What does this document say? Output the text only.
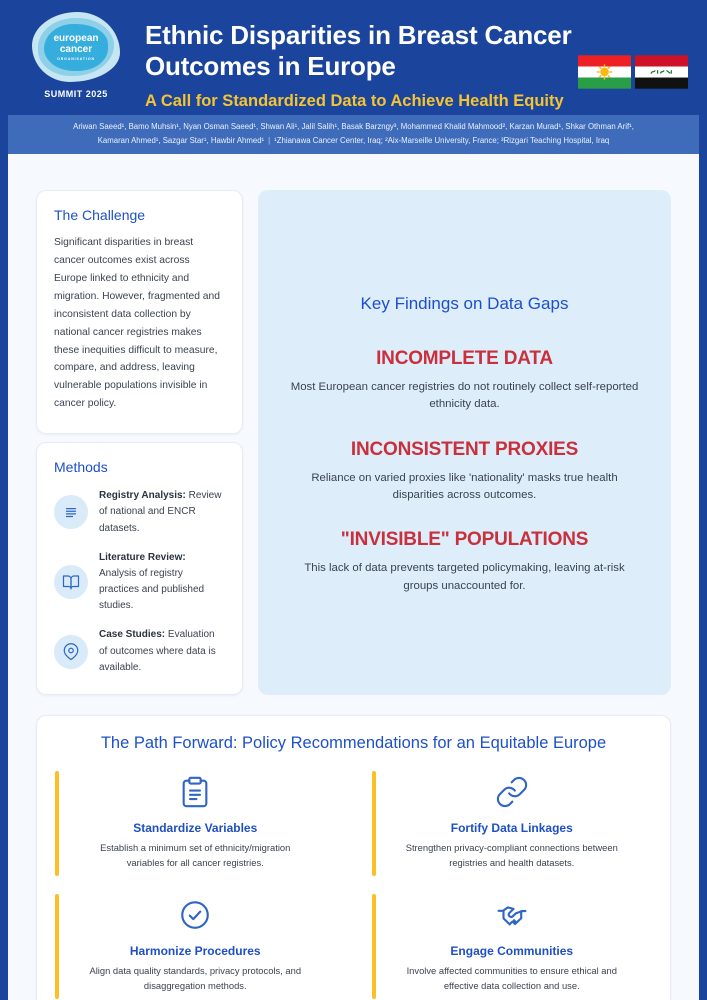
european
cancer
ORGANISATION
SUMMIT 2025
Ethnic Disparities in Breast Cancer
Outcomes in Europe
A Call for Standardized Data to Achieve Health Equity
Ariwan Saeed¹, Bamo Muhsin¹, Nyan Osman Saeed¹, Shwan Ali¹, Jalil Salih¹, Basak Barzngy³, Mohammed Khalid Mahmood², Karzan Murad¹, Shkar Othman Arif¹,
Kamaran Ahmed¹, Sazgar Star¹, Hawbir Ahmed¹ | ¹Zhianawa Cancer Center, Iraq; ²Aix-Marseille University, France; ³Rizgari Teaching Hospital, Iraq
The Challenge

Significant disparities in breast cancer outcomes exist across Europe linked to ethnicity and migration. However, fragmented and inconsistent data collection by national cancer registries makes these inequities difficult to measure, compare, and address, leaving vulnerable populations invisible in cancer policy.

Methods
Registry Analysis: Review of national and ENCR datasets.
Literature Review: Analysis of registry practices and published studies.
Case Studies: Evaluation of outcomes where data is available.
Key Findings on Data Gaps
INCOMPLETE DATA

Most European cancer registries do not routinely collect self-reported ethnicity data.

INCONSISTENT PROXIES

Reliance on varied proxies like 'nationality' masks true health disparities across outcomes.

"INVISIBLE" POPULATIONS

This lack of data prevents targeted policymaking, leaving at-risk groups unaccounted for.

The Path Forward: Policy Recommendations for an Equitable Europe
Standardize Variables

Establish a minimum set of ethnicity/migration variables for all cancer registries.

Fortify Data Linkages

Strengthen privacy-compliant connections between registries and health datasets.

Harmonize Procedures

Align data quality standards, privacy protocols, and disaggregation methods.

Engage Communities

Involve affected communities to ensure ethical and effective data collection and use.
